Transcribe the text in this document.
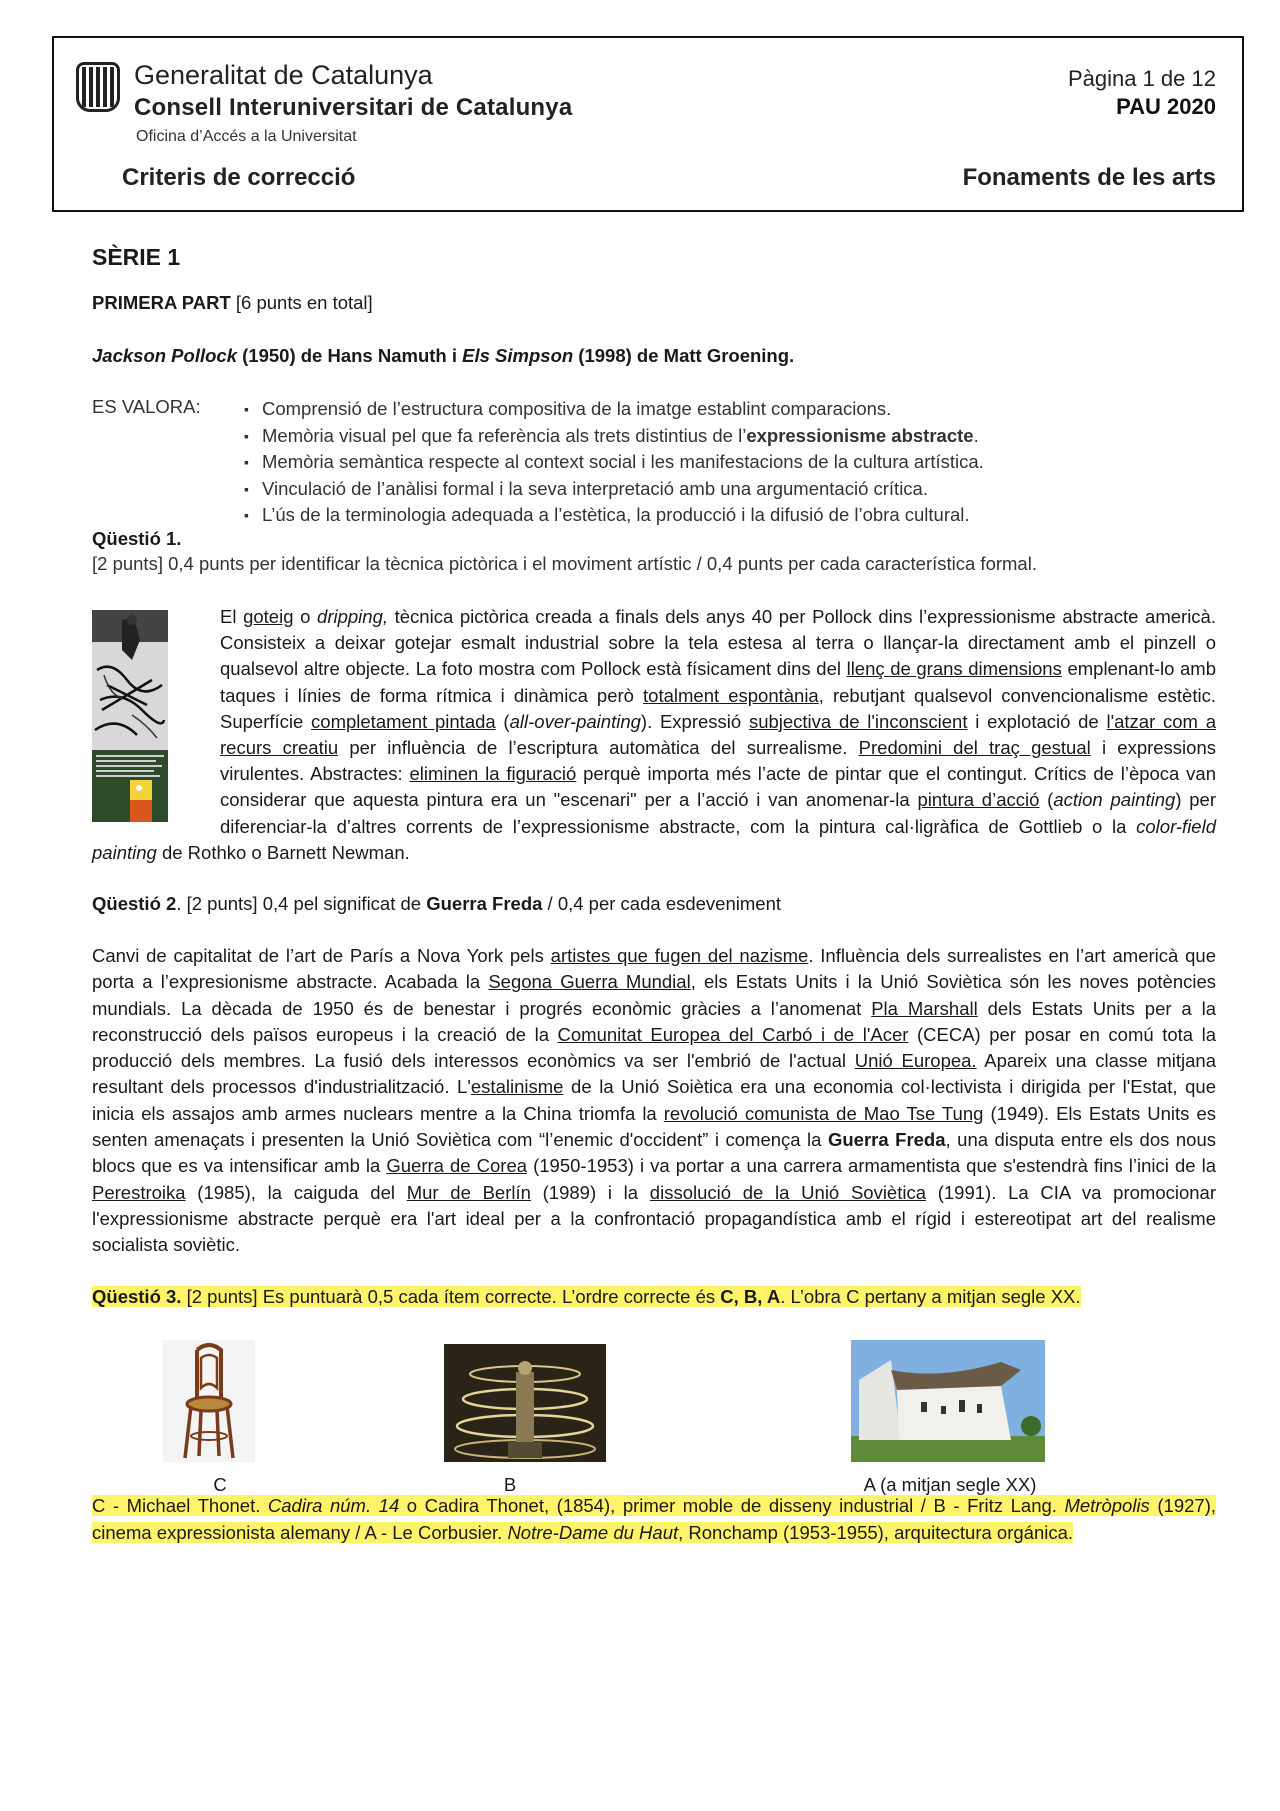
Generalitat de Catalunya
Consell Interuniversitari de Catalunya
Oficina d’Accés a la Universitat
Pàgina 1 de 12
PAU 2020
Criteris de correcció	Fonaments de les arts
SÈRIE 1
PRIMERA PART [6 punts en total]
Jackson Pollock (1950) de Hans Namuth i Els Simpson (1998) de Matt Groening.
ES VALORA:
▪	Comprensió de l’estructura compositiva de la imatge establint comparacions.
▪ Memòria visual pel que fa referència als trets distintius de l’expressionisme abstracte.
▪ Memòria semàntica respecte al context social i les manifestacions de la cultura artística.
▪ Vinculació de l’anàlisi formal i la seva interpretació amb una argumentació crítica.
▪ L’ús de la terminologia adequada a l’estètica, la producció i la difusió de l’obra cultural.
Qüestió 1.
[2 punts] 0,4 punts per identificar la tècnica pictòrica i el moviment artístic / 0,4 punts per cada característica formal.
El goteig o dripping, tècnica pictòrica creada a finals dels anys 40 per Pollock dins l’expressionisme abstracte americà. Consisteix a deixar gotejar esmalt industrial sobre la tela estesa al terra o llançar-la directament amb el pinzell o qualsevol altre objecte. La foto mostra com Pollock està físicament dins del llenç de grans dimensions emplenant-lo amb taques i línies de forma rítmica i dinàmica però totalment espontània, rebutjant qualsevol convencionalisme estètic. Superfície completament pintada (all-over-painting). Expressió subjectiva de l'inconscient i explotació de l'atzar com a recurs creatiu per influència de l’escriptura automàtica del surrealisme. Predomini del traç gestual i expressions virulentes. Abstractes: eliminen la figuració perquè importa més l’acte de pintar que el contingut. Crítics de l’època van considerar que aquesta pintura era un "escenari" per a l’acció i van anomenar-la pintura d’acció (action painting) per diferenciar-la d’altres corrents de l’expressionisme abstracte, com la pintura cal·ligràfica de Gottlieb o la color-field painting de Rothko o Barnett Newman.
Qüestió 2. [2 punts] 0,4 pel significat de Guerra Freda / 0,4 per cada esdeveniment
Canvi de capitalitat de l’art de París a Nova York pels artistes que fugen del nazisme. Influència dels surrealistes en l’art americà que porta a l’expresionisme abstracte. Acabada la Segona Guerra Mundial, els Estats Units i la Unió Soviètica són les noves potències mundials. La dècada de 1950 és de benestar i progrés econòmic gràcies a l’anomenat Pla Marshall dels Estats Units per a la reconstrucció dels països europeus i la creació de la Comunitat Europea del Carbó i de l'Acer (CECA) per posar en comú tota la producció dels membres. La fusió dels interessos econòmics va ser l'embrió de l'actual Unió Europea. Apareix una classe mitjana resultant dels processos d'industrialització. L'estalinisme de la Unió Soiètica era una economia col·lectivista i dirigida per l'Estat, que inicia els assajos amb armes nuclears mentre a la China triomfa la revolució comunista de Mao Tse Tung (1949). Els Estats Units es senten amenaçats i presenten la Unió Soviètica com “l’enemic d'occident” i comença la Guerra Freda, una disputa entre els dos nous blocs que es va intensificar amb la Guerra de Corea (1950-1953) i va portar a una carrera armamentista que s'estendrà fins l’inici de la Perestroika (1985), la caiguda del Mur de Berlín (1989) i la dissolució de la Unió Soviètica (1991). La CIA va promocionar l'expressionisme abstracte perquè era l'art ideal per a la confrontació propagandística amb el rígid i estereotipat art del realisme socialista soviètic.
Qüestió 3. [2 punts] Es puntuarà 0,5 cada ítem correcte. L’ordre correcte és C, B, A. L’obra C pertany a mitjan segle XX.
C	B	A (a mitjan segle XX)
C - Michael Thonet. Cadira núm. 14 o Cadira Thonet, (1854), primer moble de disseny industrial / B - Fritz Lang. Metròpolis (1927), cinema expressionista alemany / A - Le Corbusier. Notre-Dame du Haut, Ronchamp (1953-1955), arquitectura orgánica.
